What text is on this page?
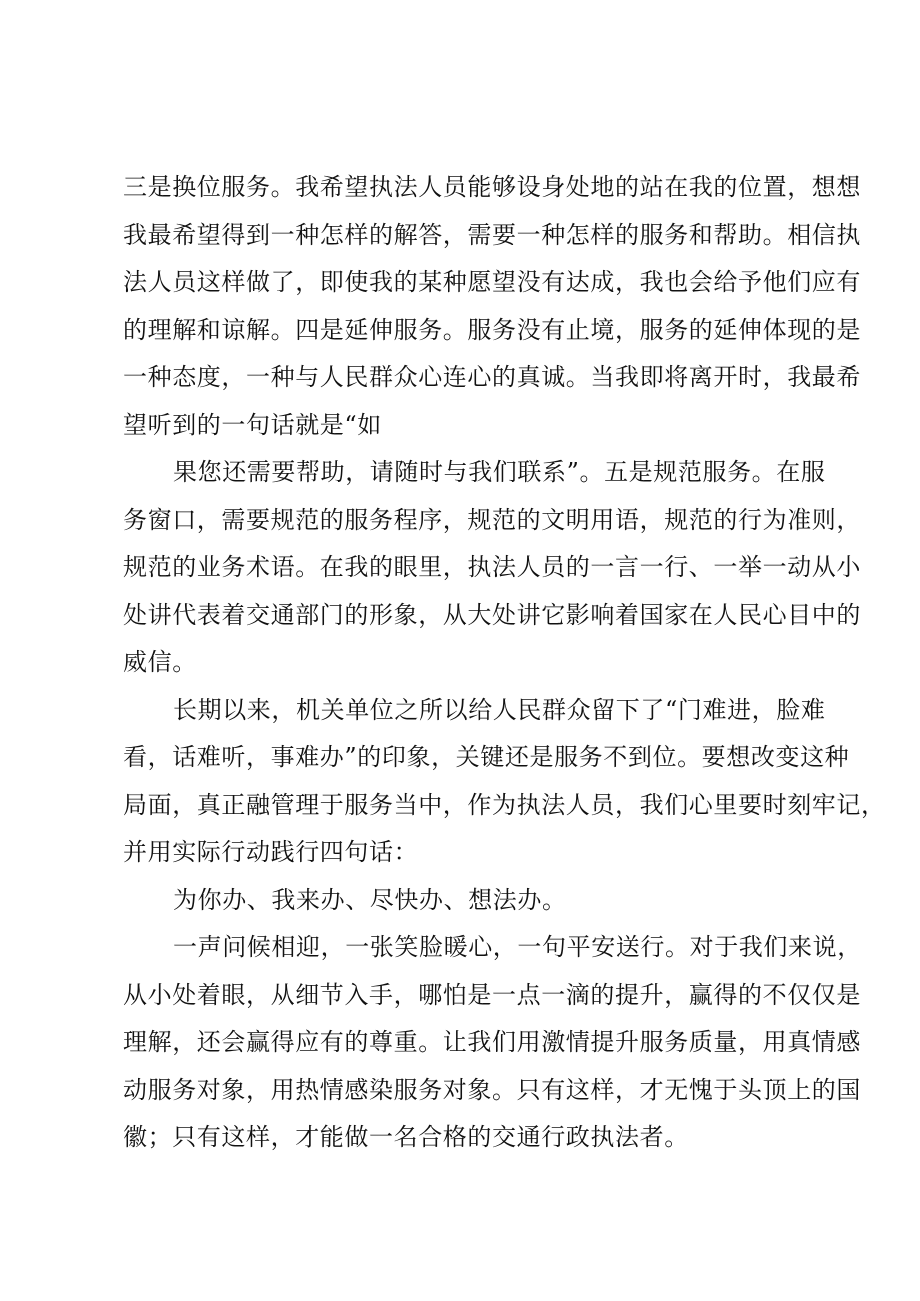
三是换位服务。我希望执法人员能够设身处地的站在我的位置，想想
我最希望得到一种怎样的解答，需要一种怎样的服务和帮助。相信执
法人员这样做了，即使我的某种愿望没有达成，我也会给予他们应有
的理解和谅解。四是延伸服务。服务没有止境，服务的延伸体现的是
一种态度，一种与人民群众心连心的真诚。当我即将离开时，我最希
望听到的一句话就是“如
果您还需要帮助，请随时与我们联系”。五是规范服务。在服
务窗口，需要规范的服务程序，规范的文明用语，规范的行为准则，
规范的业务术语。在我的眼里，执法人员的一言一行、一举一动从小
处讲代表着交通部门的形象，从大处讲它影响着国家在人民心目中的
威信。
长期以来，机关单位之所以给人民群众留下了“门难进，脸难
看，话难听，事难办”的印象，关键还是服务不到位。要想改变这种
局面，真正融管理于服务当中，作为执法人员，我们心里要时刻牢记，
并用实际行动践行四句话：
为你办、我来办、尽快办、想法办。
一声问候相迎，一张笑脸暖心，一句平安送行。对于我们来说，
从小处着眼，从细节入手，哪怕是一点一滴的提升，赢得的不仅仅是
理解，还会赢得应有的尊重。让我们用激情提升服务质量，用真情感
动服务对象，用热情感染服务对象。只有这样，才无愧于头顶上的国
徽；只有这样，才能做一名合格的交通行政执法者。
